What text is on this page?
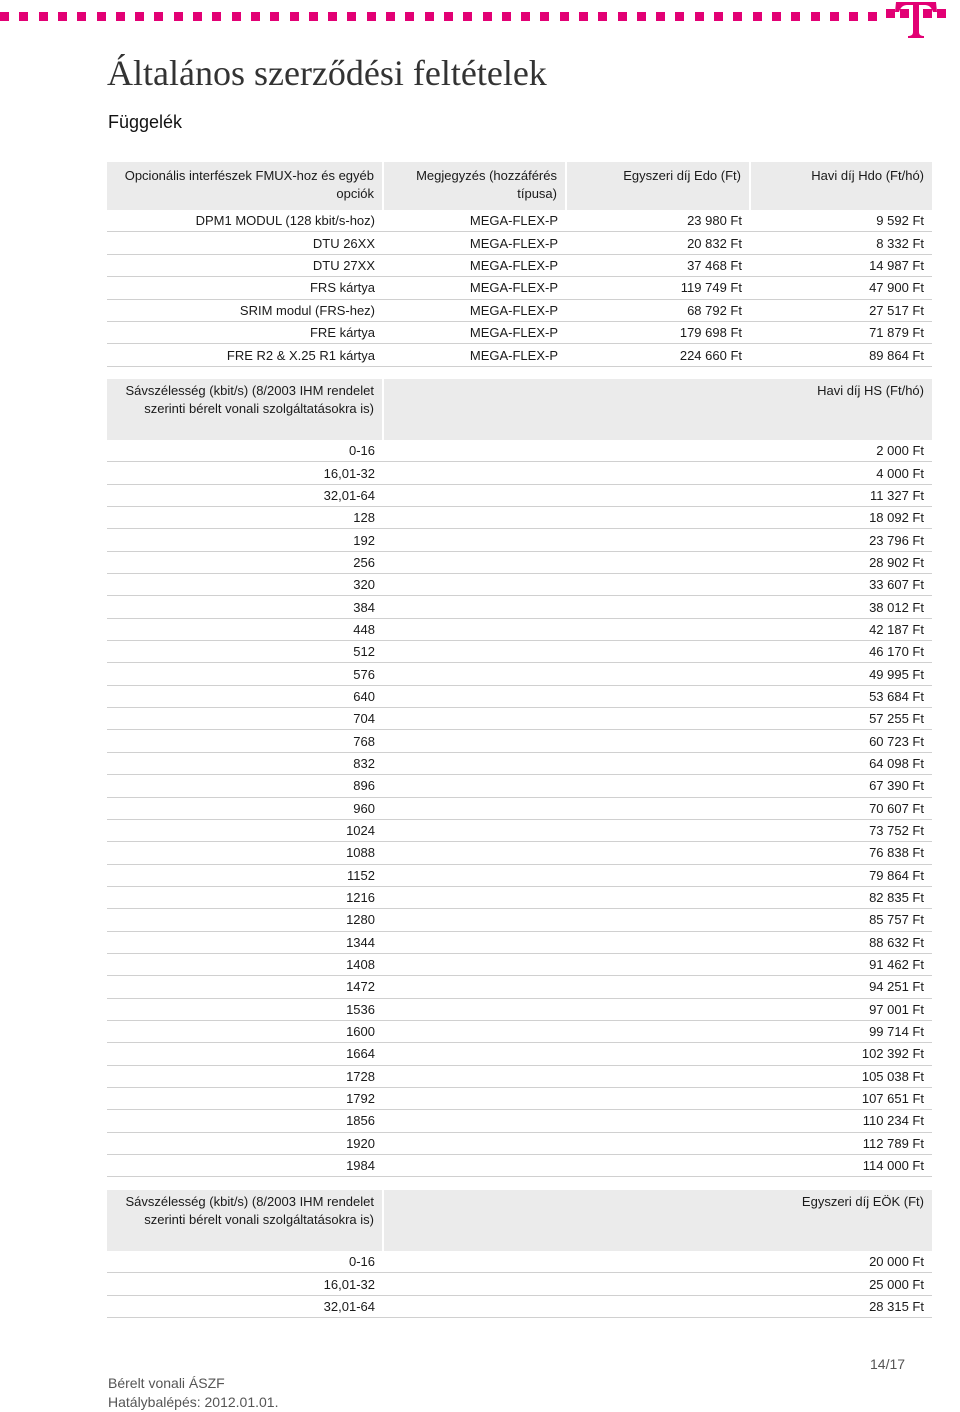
Általános szerződési feltételek
Függelék
Opcionális interfészek FMUX-hoz és egyéb opciók	Megjegyzés (hozzáférés típusa)	Egyszeri díj Edo (Ft)	Havi díj Hdo (Ft/hó)
DPM1 MODUL (128 kbit/s-hoz)	MEGA-FLEX-P	23 980 Ft	9 592 Ft
DTU 26XX	MEGA-FLEX-P	20 832 Ft	8 332 Ft
DTU 27XX	MEGA-FLEX-P	37 468 Ft	14 987 Ft
FRS kártya	MEGA-FLEX-P	119 749 Ft	47 900 Ft
SRIM modul (FRS-hez)	MEGA-FLEX-P	68 792 Ft	27 517 Ft
FRE kártya	MEGA-FLEX-P	179 698 Ft	71 879 Ft
FRE R2 & X.25 R1 kártya	MEGA-FLEX-P	224 660 Ft	89 864 Ft
Sávszélesség (kbit/s) (8/2003 IHM rendelet szerinti bérelt vonali szolgáltatásokra is)	Havi díj HS (Ft/hó)
0-16	2 000 Ft
16,01-32	4 000 Ft
32,01-64	11 327 Ft
128	18 092 Ft
192	23 796 Ft
256	28 902 Ft
320	33 607 Ft
384	38 012 Ft
448	42 187 Ft
512	46 170 Ft
576	49 995 Ft
640	53 684 Ft
704	57 255 Ft
768	60 723 Ft
832	64 098 Ft
896	67 390 Ft
960	70 607 Ft
1024	73 752 Ft
1088	76 838 Ft
1152	79 864 Ft
1216	82 835 Ft
1280	85 757 Ft
1344	88 632 Ft
1408	91 462 Ft
1472	94 251 Ft
1536	97 001 Ft
1600	99 714 Ft
1664	102 392 Ft
1728	105 038 Ft
1792	107 651 Ft
1856	110 234 Ft
1920	112 789 Ft
1984	114 000 Ft
Sávszélesség (kbit/s) (8/2003 IHM rendelet szerinti bérelt vonali szolgáltatásokra is)	Egyszeri díj EÖK (Ft)
0-16	20 000 Ft
16,01-32	25 000 Ft
32,01-64	28 315 Ft
Bérelt vonali ÁSZF
Hatálybalépés: 2012.01.01.
14/17
